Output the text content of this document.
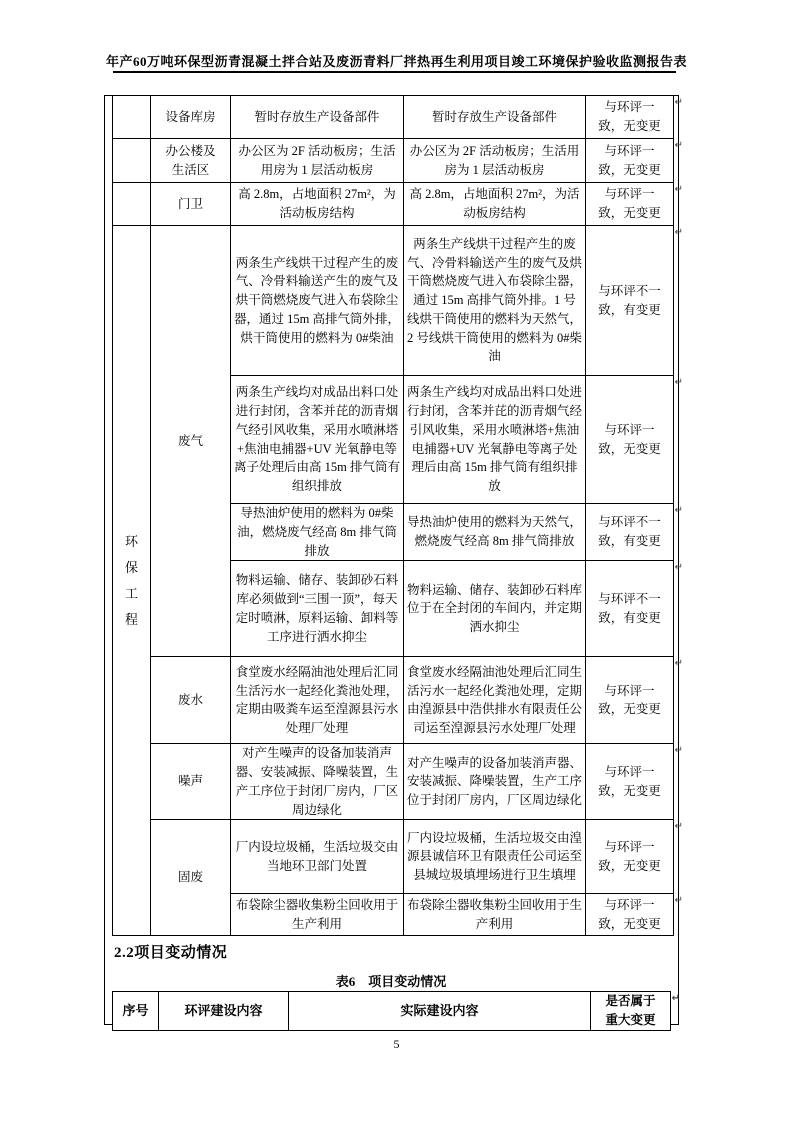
年产60万吨环保型沥青混凝土拌合站及废沥青料厂拌热再生利用项目竣工环境保护验收监测报告表
	设备库房	暂时存放生产设备部件	暂时存放生产设备部件	与环评一致，无变更
↵

	办公楼及生活区	办公区为 2F 活动板房；生活用房为 1 层活动板房	办公区为 2F 活动板房；生活用房为 1 层活动板房	与环评一致，无变更
↵

	门卫	高 2.8m，占地面积 27m²，为活动板房结构	高 2.8m，占地面积 27m²，为活动板房结构	与环评一致，无变更
↵

环保工程	废气	两条生产线烘干过程产生的废气、冷骨料输送产生的废气及烘干筒燃烧废气进入布袋除尘器，通过 15m 高排气筒外排，烘干筒使用的燃料为 0#柴油	两条生产线烘干过程产生的废气、冷骨料输送产生的废气及烘干筒燃烧废气进入布袋除尘器，通过 15m 高排气筒外排。1 号线烘干筒使用的燃料为天然气，2 号线烘干筒使用的燃料为 0#柴油	与环评不一致，有变更
↵

		两条生产线均对成品出料口处进行封闭，含苯并芘的沥青烟气经引风收集，采用水喷淋塔+焦油电捕器+UV 光氧静电等离子处理后由高 15m 排气筒有组织排放	两条生产线均对成品出料口处进行封闭，含苯并芘的沥青烟气经引风收集，采用水喷淋塔+焦油电捕器+UV 光氧静电等离子处理后由高 15m 排气筒有组织排放	与环评一致，无变更
↵

		导热油炉使用的燃料为 0#柴油，燃烧废气经高 8m 排气筒排放	导热油炉使用的燃料为天然气，燃烧废气经高 8m 排气筒排放	与环评不一致，有变更
↵

		物料运输、储存、装卸砂石料库必须做到“三围一顶”，每天定时喷淋，原料运输、卸料等工序进行洒水抑尘	物料运输、储存、装卸砂石料库位于在全封闭的车间内，并定期洒水抑尘	与环评不一致，有变更
↵

	废水	食堂废水经隔油池处理后汇同生活污水一起经化粪池处理，定期由吸粪车运至湟源县污水处理厂处理	食堂废水经隔油池处理后汇同生活污水一起经化粪池处理，定期由湟源县中浩供排水有限责任公司运至湟源县污水处理厂处理	与环评一致，无变更
↵

	噪声	对产生噪声的设备加装消声器、安装减振、降噪装置，生产工序位于封闭厂房内，厂区周边绿化	对产生噪声的设备加装消声器、安装减振、降噪装置，生产工序位于封闭厂房内，厂区周边绿化	与环评一致，无变更
↵

	固废	厂内设垃圾桶，生活垃圾交由当地环卫部门处置	厂内设垃圾桶，生活垃圾交由湟源县诚信环卫有限责任公司运至县城垃圾填埋场进行卫生填埋	与环评一致，无变更
↵

		布袋除尘器收集粉尘回收用于生产利用	布袋除尘器收集粉尘回收用于生产利用	与环评一致，无变更
↵
2.2项目变动情况
表6　项目变动情况
序号	环评建设内容	实际建设内容	是否属于重大变更
↵
5
